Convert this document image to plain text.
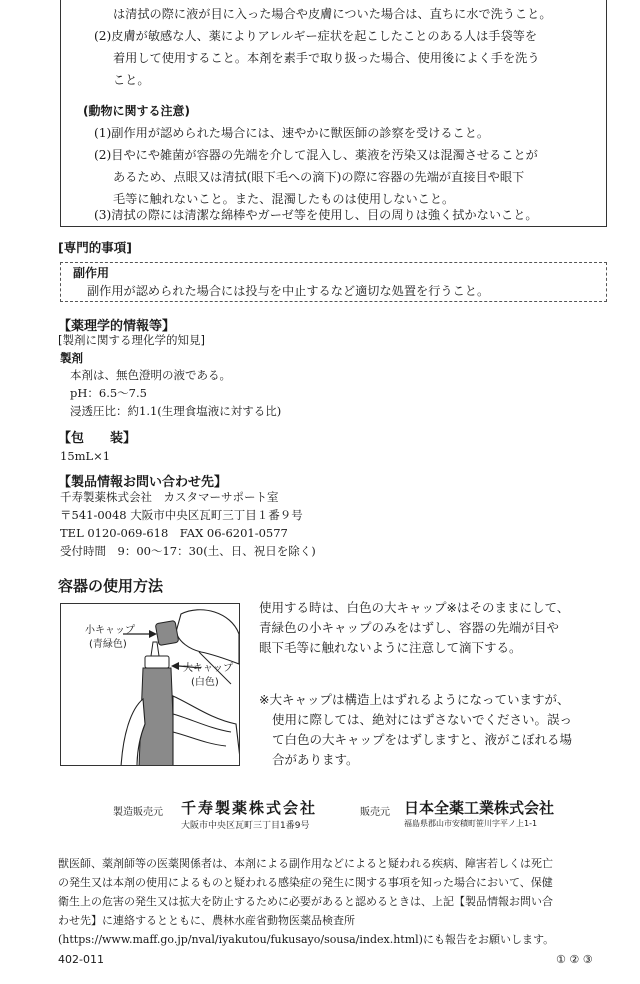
は清拭の際に液が目に入った場合や皮膚についた場合は、直ちに水で洗うこと。
(2)皮膚が敏感な人、薬によりアレルギー症状を起こしたことのある人は手袋等を
着用して使用すること。本剤を素手で取り扱った場合、使用後によく手を洗う
こと。
(動物に関する注意)
(1)副作用が認められた場合には、速やかに獣医師の診察を受けること。
(2)目やにや雑菌が容器の先端を介して混入し、薬液を汚染又は混濁させることが
あるため、点眼又は清拭(眼下毛への滴下)の際に容器の先端が直接目や眼下
毛等に触れないこと。また、混濁したものは使用しないこと。
(3)清拭の際には清潔な綿棒やガーゼ等を使用し、目の周りは強く拭かないこと。
[専門的事項]
副作用
副作用が認められた場合には投与を中止するなど適切な処置を行うこと。
【薬理学的情報等】
[製剤に関する理化学的知見]
製剤
本剤は、無色澄明の液である。
pH：6.5～7.5
浸透圧比：約1.1(生理食塩液に対する比)
【包　　装】
15mL×1
【製品情報お問い合わせ先】
千寿製薬株式会社　カスタマーサポート室
〒541-0048 大阪市中央区瓦町三丁目１番９号
TEL 0120-069-618　FAX 06-6201-0577
受付時間　9：00～17：30(土、日、祝日を除く)
容器の使用方法
小キャップ
(青緑色)
大キャップ
(白色)
使用する時は、白色の大キャップ※はそのままにして、
青緑色の小キャップのみをはずし、容器の先端が目や
眼下毛等に触れないように注意して滴下する。
※大キャップは構造上はずれるようになっていますが、
使用に際しては、絶対にはずさないでください。誤っ
て白色の大キャップをはずしますと、液がこぼれる場
合があります。
製造販売元 千寿製薬株式会社
大阪市中央区瓦町三丁目1番9号
販売元 日本全薬工業株式会社
福島県郡山市安積町笹川字平ノ上1-1
獣医師、薬剤師等の医薬関係者は、本剤による副作用などによると疑われる疾病、障害若しくは死亡
の発生又は本剤の使用によるものと疑われる感染症の発生に関する事項を知った場合において、保健
衛生上の危害の発生又は拡大を防止するために必要があると認めるときは、上記【製品情報お問い合
わせ先】に連絡するとともに、農林水産省動物医薬品検査所
(https://www.maff.go.jp/nval/iyakutou/fukusayo/sousa/index.html)にも報告をお願いします。
402-011	① ② ③
